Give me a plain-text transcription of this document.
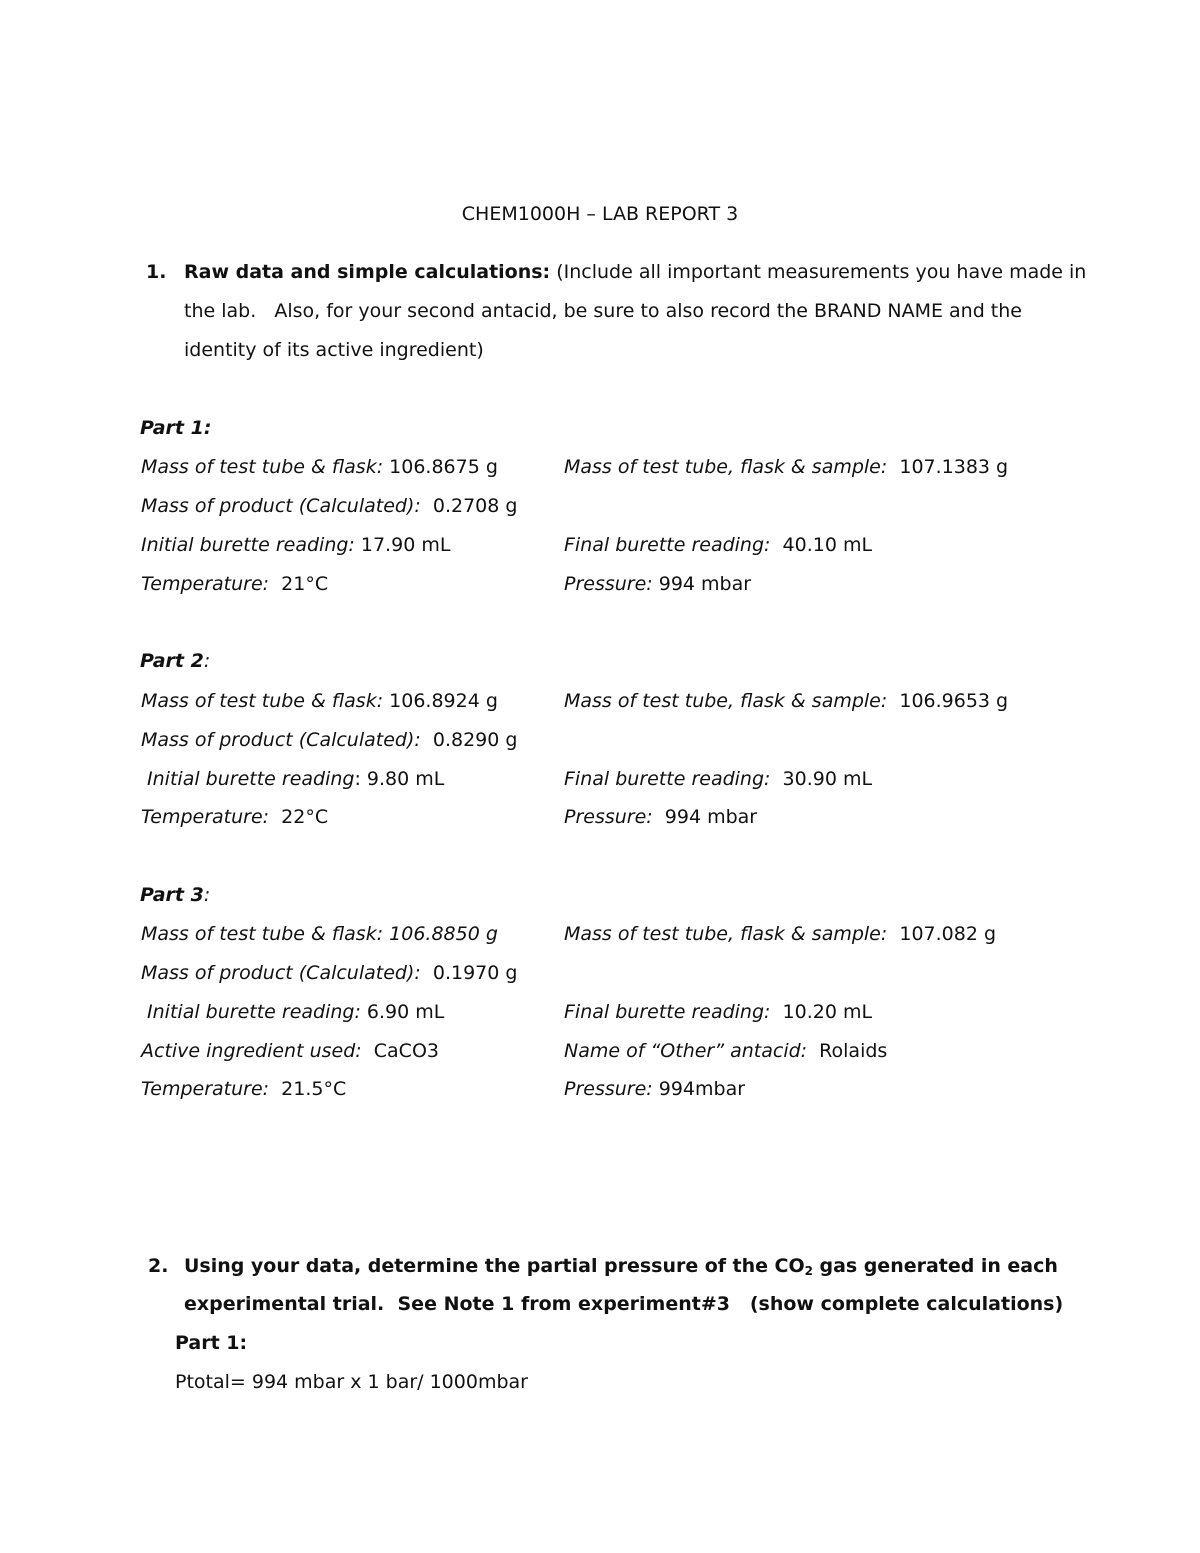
CHEM1000H – LAB REPORT 3
1. Raw data and simple calculations: (Include all important measurements you have made in
the lab.   Also, for your second antacid, be sure to also record the BRAND NAME and the
identity of its active ingredient)
Part 1:
Mass of test tube & flask: 106.8675 g	Mass of test tube, flask & sample:  107.1383 g
Mass of product (Calculated):  0.2708 g
Initial burette reading: 17.90 mL	Final burette reading:  40.10 mL
Temperature:  21°C	Pressure: 994 mbar
Part 2:
Mass of test tube & flask: 106.8924 g	Mass of test tube, flask & sample:  106.9653 g
Mass of product (Calculated):  0.8290 g
Initial burette reading: 9.80 mL	Final burette reading:  30.90 mL
Temperature:  22°C	Pressure:  994 mbar
Part 3:
Mass of test tube & flask: 106.8850 g	Mass of test tube, flask & sample:  107.082 g
Mass of product (Calculated):  0.1970 g
Initial burette reading: 6.90 mL	Final burette reading:  10.20 mL
Active ingredient used:  CaCO3	Name of “Other” antacid:  Rolaids
Temperature:  21.5°C	Pressure: 994mbar
2. Using your data, determine the partial pressure of the $CO_2$ gas generated in each
experimental trial.  See Note 1 from experiment#3   (show complete calculations)
Part 1:
Ptotal= 994 mbar x 1 bar/ 1000mbar
